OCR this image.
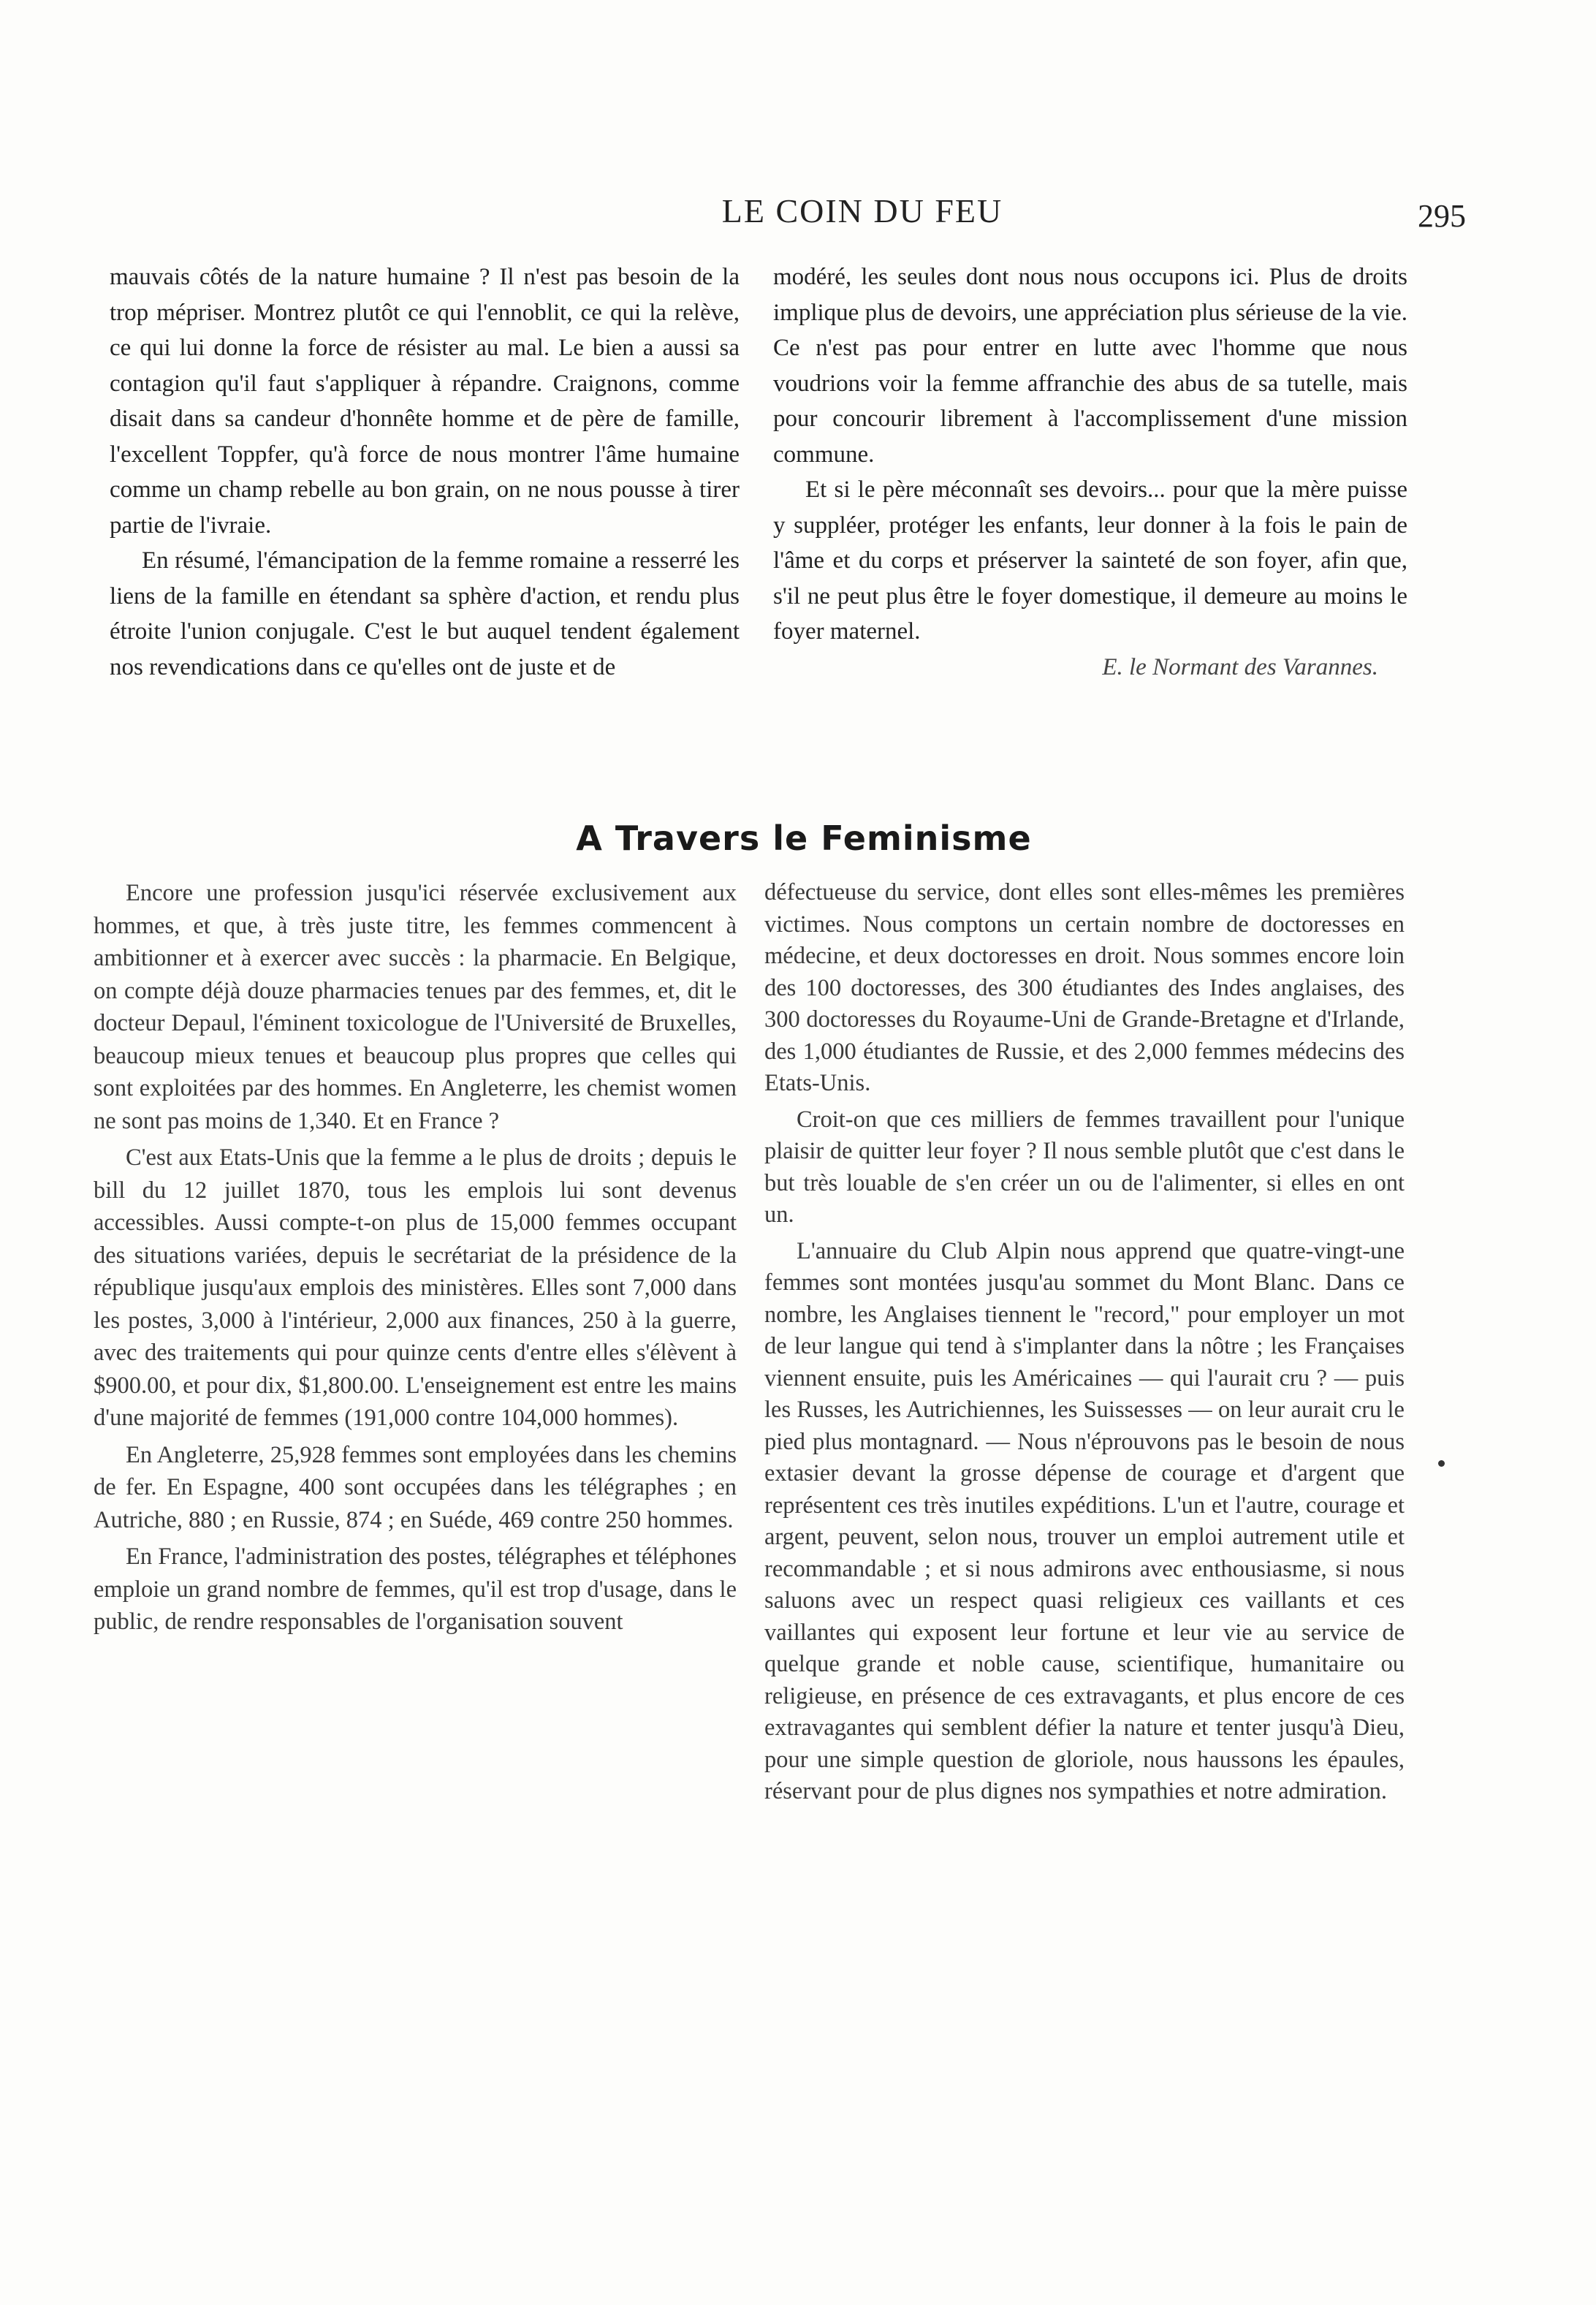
LE COIN DU FEU	295

mauvais côtés de la nature humaine ? Il n'est pas besoin de la trop mépriser. Montrez plutôt ce qui l'ennoblit, ce qui la relève, ce qui lui donne la force de résister au mal. Le bien a aussi sa contagion qu'il faut s'appliquer à répandre. Craignons, comme disait dans sa candeur d'honnête homme et de père de famille, l'excellent Toppfer, qu'à force de nous montrer l'âme humaine comme un champ rebelle au bon grain, on ne nous pousse à tirer partie de l'ivraie.

En résumé, l'émancipation de la femme romaine a resserré les liens de la famille en étendant sa sphère d'action, et rendu plus étroite l'union conjugale. C'est le but auquel tendent également nos revendications dans ce qu'elles ont de juste et de

modéré, les seules dont nous nous occupons ici. Plus de droits implique plus de devoirs, une appréciation plus sérieuse de la vie. Ce n'est pas pour entrer en lutte avec l'homme que nous voudrions voir la femme affranchie des abus de sa tutelle, mais pour concourir librement à l'accomplissement d'une mission commune.

Et si le père méconnaît ses devoirs... pour que la mère puisse y suppléer, protéger les enfants, leur donner à la fois le pain de l'âme et du corps et préserver la sainteté de son foyer, afin que, s'il ne peut plus être le foyer domestique, il demeure au moins le foyer maternel.

E. le Normant des Varannes.

A Travers le Feminisme

Encore une profession jusqu'ici réservée exclusivement aux hommes, et que, à très juste titre, les femmes commencent à ambitionner et à exercer avec succès : la pharmacie. En Belgique, on compte déjà douze pharmacies tenues par des femmes, et, dit le docteur Depaul, l'éminent toxicologue de l'Université de Bruxelles, beaucoup mieux tenues et beaucoup plus propres que celles qui sont exploitées par des hommes. En Angleterre, les chemist women ne sont pas moins de 1,340. Et en France ?

C'est aux Etats-Unis que la femme a le plus de droits ; depuis le bill du 12 juillet 1870, tous les emplois lui sont devenus accessibles. Aussi compte-t-on plus de 15,000 femmes occupant des situations variées, depuis le secrétariat de la présidence de la république jusqu'aux emplois des ministères. Elles sont 7,000 dans les postes, 3,000 à l'intérieur, 2,000 aux finances, 250 à la guerre, avec des traitements qui pour quinze cents d'entre elles s'élèvent à $900.00, et pour dix, $1,800.00. L'enseignement est entre les mains d'une majorité de femmes (191,000 contre 104,000 hommes).

En Angleterre, 25,928 femmes sont employées dans les chemins de fer. En Espagne, 400 sont occupées dans les télégraphes ; en Autriche, 880 ; en Russie, 874 ; en Suéde, 469 contre 250 hommes.

En France, l'administration des postes, télégraphes et téléphones emploie un grand nombre de femmes, qu'il est trop d'usage, dans le public, de rendre responsables de l'organisation souvent

défectueuse du service, dont elles sont elles-mêmes les premières victimes. Nous comptons un certain nombre de doctoresses en médecine, et deux doctoresses en droit. Nous sommes encore loin des 100 doctoresses, des 300 étudiantes des Indes anglaises, des 300 doctoresses du Royaume-Uni de Grande-Bretagne et d'Irlande, des 1,000 étudiantes de Russie, et des 2,000 femmes médecins des Etats-Unis.

Croit-on que ces milliers de femmes travaillent pour l'unique plaisir de quitter leur foyer ? Il nous semble plutôt que c'est dans le but très louable de s'en créer un ou de l'alimenter, si elles en ont un.

L'annuaire du Club Alpin nous apprend que quatre-vingt-une femmes sont montées jusqu'au sommet du Mont Blanc. Dans ce nombre, les Anglaises tiennent le "record," pour employer un mot de leur langue qui tend à s'implanter dans la nôtre ; les Françaises viennent ensuite, puis les Américaines — qui l'aurait cru ? — puis les Russes, les Autrichiennes, les Suissesses — on leur aurait cru le pied plus montagnard. — Nous n'éprouvons pas le besoin de nous extasier devant la grosse dépense de courage et d'argent que représentent ces très inutiles expéditions. L'un et l'autre, courage et argent, peuvent, selon nous, trouver un emploi autrement utile et recommandable ; et si nous admirons avec enthousiasme, si nous saluons avec un respect quasi religieux ces vaillants et ces vaillantes qui exposent leur fortune et leur vie au service de quelque grande et noble cause, scientifique, humanitaire ou religieuse, en présence de ces extravagants, et plus encore de ces extravagantes qui semblent défier la nature et tenter jusqu'à Dieu, pour une simple question de gloriole, nous haussons les épaules, réservant pour de plus dignes nos sympathies et notre admiration.
